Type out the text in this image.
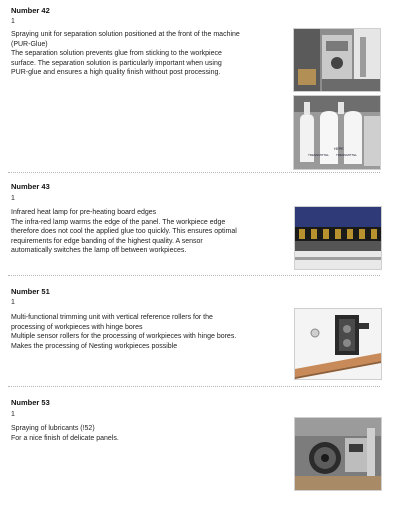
Number 42
1
Spraying unit for separation solution positioned at the front of the machine
(PUR-Glue)
The separation solution prevents glue from sticking to the workpiece
surface. The separation solution is particularly important when using
PUR-glue and ensures a high quality finish without post processing.
HEPE
TRENNMITTEL TRENNMITTEL
Number 43
1
Infrared heat lamp for pre-heating board edges
The infra-red lamp warms the edge of the panel. The workpiece edge
therefore does not cool the applied glue too quickly. This ensures optimal
requirements for edge banding of the highest quality. A sensor
automatically switches the lamp off between workpieces.
Number 51
1
Multi-functional trimming unit with vertical reference rollers for the
processing of workpieces with hinge bores
Multiple sensor rollers for the processing of workpieces with hinge bores.
Makes the processing of Nesting workpieces possible
Number 53
1
Spraying of lubricants (!52)
For a nice finish of delicate panels.
